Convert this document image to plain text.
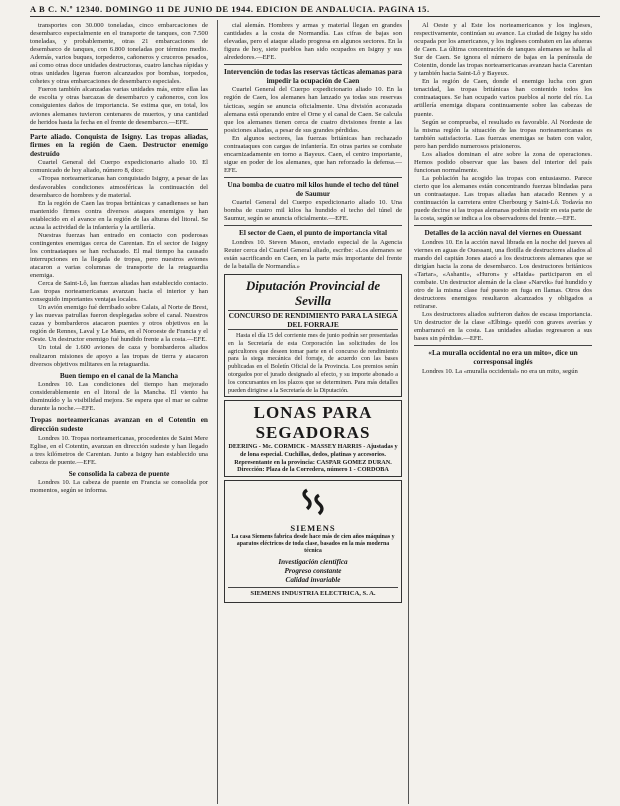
A B C. N.º 12340. DOMINGO 11 DE JUNIO DE 1944. EDICION DE ANDALUCIA. PAGINA 15.

transportes con 30.000 toneladas, cinco embarcaciones de desembarco especialmente en el transporte de tanques, con 7.500 toneladas, y probablemente, otras 21 embarcaciones de desembarco de tanques, con 6.800 toneladas por término medio. Además, varios buques, torpederos, cañoneros y cruceros pesados, así como otras doce unidades destructoras, cuatro lanchas rápidas y otras unidades ligeras fueron alcanzados por bombas, torpedos, cohetes y otras embarcaciones de desembarco especiales.

Fueron también alcanzadas varias unidades más, entre ellas las de escolta y otras barcazas de desembarco y cañoneros, con los consiguientes daños de importancia. Se estima que, en total, los aviones alemanes tuvieron centenares de muertos, y una cantidad de heridos hasta la fecha en el frente de desembarco.—EFE.

Parte aliado. Conquista de Isigny. Las tropas aliadas, firmes en la región de Caen. Destructor enemigo destruído

Cuartel General del Cuerpo expedicionario aliado 10. El comunicado de hoy aliado, número 8, dice:

«Tropas norteamericanas han conquistado Isigny, a pesar de las desfavorables condiciones atmosféricas la continuación del desembarco de hombres y de material.

En la región de Caen las tropas británicas y canadienses se han mantenido firmes contra diversos ataques enemigos y han establecido en el avance en la región de las alturas del litoral. Se acusa la actividad de la infantería y la artillería.

Nuestras fuerzas han entrado en contacto con poderosas contingentes enemigas cerca de Carentan. En el sector de Isigny los contraataques se han rechazado. El mal tiempo ha causado interrupciones en la llegada de tropas, pero nuestros aviones atacaron a varias columnas de transporte de la retaguardia enemiga.

Cerca de Saint-Lô, las fuerzas aliadas han establecido contacto. Las tropas norteamericanas avanzan hacia el interior y han conseguido importantes ventajas locales.

Un avión enemigo fué derribado sobre Calais, al Norte de Brest, y las nuevas patrullas fueron desplegadas sobre el canal. Nuestros cazas y bombarderos atacaron puentes y otros objetivos en la región de Rennes, Laval y Le Mans, en el Noroeste de Francia y el Oeste. Un destructor enemigo fué hundido frente a la costa.—EFE.

Un total de 1.600 aviones de caza y bombarderos aliados realizaron misiones de apoyo a las tropas de tierra y atacaron diversos objetivos militares en la retaguardia.

Buen tiempo en el canal de la Mancha

Londres 10. Las condiciones del tiempo han mejorado considerablemente en el litoral de la Mancha. El viento ha disminuído y la visibilidad mejora. Se espera que el mar se calme durante la noche.—EFE.

Tropas norteamericanas avanzan en el Cotentin en dirección sudeste

Londres 10. Tropas norteamericanas, procedentes de Saint Mere Eglise, en el Cotentin, avanzan en dirección sudeste y han llegado a tres kilómetros de Carentan. Junto a Isigny han establecido una cabeza de puente.—EFE.

Se consolida la cabeza de puente

Londres 10. La cabeza de puente en Francia se consolida por momentos, según se informa.

cial alemán. Hombres y armas y material llegan en grandes cantidades a la costa de Normandía. Las cifras de bajas son elevadas, pero el ataque aliado progresa en algunos sectores. En la figura de hoy, siete pueblos han sido ocupados en Isigny y sus alrededores.—EFE.

Intervención de todas las reservas tácticas alemanas para impedir la ocupación de Caen

Cuartel General del Cuerpo expedicionario aliado 10. En la región de Caen, los alemanes han lanzado ya todas sus reservas tácticas, según se anuncia oficialmente. Una división acorazada alemana está operando entre el Orne y el canal de Caen. Se calcula que los alemanes tienen cerca de cuatro divisiones frente a las posiciones aliadas, a pesar de sus grandes pérdidas.

En algunos sectores, las fuerzas británicas han rechazado contraataques con cargas de infantería. En otras partes se combate encarnizadamente en torno a Bayeux. Caen, el centro importante, sigue en poder de los alemanes, que han reforzado la defensa.—EFE.

Una bomba de cuatro mil kilos hunde el techo del túnel de Saumur

Cuartel General del Cuerpo expedicionario aliado 10. Una bomba de cuatro mil kilos ha hundido el techo del túnel de Saumur, según se anuncia oficialmente.—EFE.

El sector de Caen, el punto de importancia vital

Londres 10. Steven Mason, enviado especial de la Agencia Reuter cerca del Cuartel General aliado, escribe: «Los alemanes se están sacrificando en Caen, en la parte más importante del frente de la batalla de Normandía.»

Diputación Provincial de Sevilla
CONCURSO DE RENDIMIENTO PARA LA SIEGA DEL FORRAJE

Hasta el día 15 del corriente mes de junio podrán ser presentadas en la Secretaría de esta Corporación las solicitudes de los agricultores que deseen tomar parte en el concurso de rendimiento para la siega mecánica del forraje, de acuerdo con las bases publicadas en el Boletín Oficial de la Provincia. Los premios serán otorgados por el jurado designado al efecto, y su importe abonado a los concursantes en los plazos que se determinen. Para más detalles pueden dirigirse a la Secretaría de la Diputación.

LONAS PARA SEGADORAS
DEERING - Mc. CORMICK - MASSEY HARRIS - Ajustadas y de lona especial. Cuchillas, dedos, platinas y accesorios. Representante en la provincia: CASPAR GOMEZ DURAN. Dirección: Plaza de la Corredera, número 1 - CORDOBA
SIEMENS
La casa Siemens fabrica desde hace más de cien años máquinas y aparatos eléctricos de toda clase, basados en la más moderna técnica
Investigación científica
Progreso constante
Calidad invariable
SIEMENS INDUSTRIA ELECTRICA, S. A.

Al Oeste y al Este los norteamericanos y los ingleses, respectivamente, continúan su avance. La ciudad de Isigny ha sido ocupada por los americanos, y los ingleses combaten en las afueras de Caen. La última concentración de tanques alemanes se halla al Sur de Caen. Se ignora el número de bajas en la península de Cotentin, donde las tropas norteamericanas avanzan hacia Carentan y también hacia Saint-Lô y Bayeux.

En la región de Caen, donde el enemigo lucha con gran tenacidad, las tropas británicas han contenido todos los contraataques. Se han ocupado varios pueblos al norte del río. La artillería enemiga dispara continuamente sobre las cabezas de puente.

Según se comprueba, el resultado es favorable. Al Nordeste de la misma región la situación de las tropas norteamericanas es también satisfactoria. Las fuerzas enemigas se baten con valor, pero han perdido numerosos prisioneros.

Los aliados dominan el aire sobre la zona de operaciones. Hemos podido observar que las bases del interior del país funcionan normalmente.

La población ha acogido las tropas con entusiasmo. Parece cierto que los alemanes están concentrando fuerzas blindadas para un contraataque. Las tropas aliadas han atacado Rennes y a continuación la carretera entre Cherbourg y Saint-Lô. Todavía no puede decirse si las tropas alemanas podrán resistir en esta parte de la costa, según se indica a los observadores del frente.—EFE.

Detalles de la acción naval del viernes en Ouessant

Londres 10. En la acción naval librada en la noche del jueves al viernes en aguas de Ouessant, una flotilla de destructores aliados al mando del capitán Jones atacó a los destructores alemanes que se dirigían hacia la zona de desembarco. Los destructores británicos «Tartar», «Ashanti», «Huron» y «Haida» participaron en el combate. Un destructor alemán de la clase «Narvik» fué hundido y otro de la misma clase fué puesto en fuga en llamas. Otros dos destructores enemigos resultaron alcanzados y obligados a retirarse.

Los destructores aliados sufrieron daños de escasa importancia. Un destructor de la clase «Elbing» quedó con graves averías y embarrancó en la costa. Las unidades aliadas regresaron a sus bases sin pérdidas.—EFE.

«La muralla occidental no era un mito», dice un corresponsal inglés

Londres 10. La «muralla occidental» no era un mito, según
